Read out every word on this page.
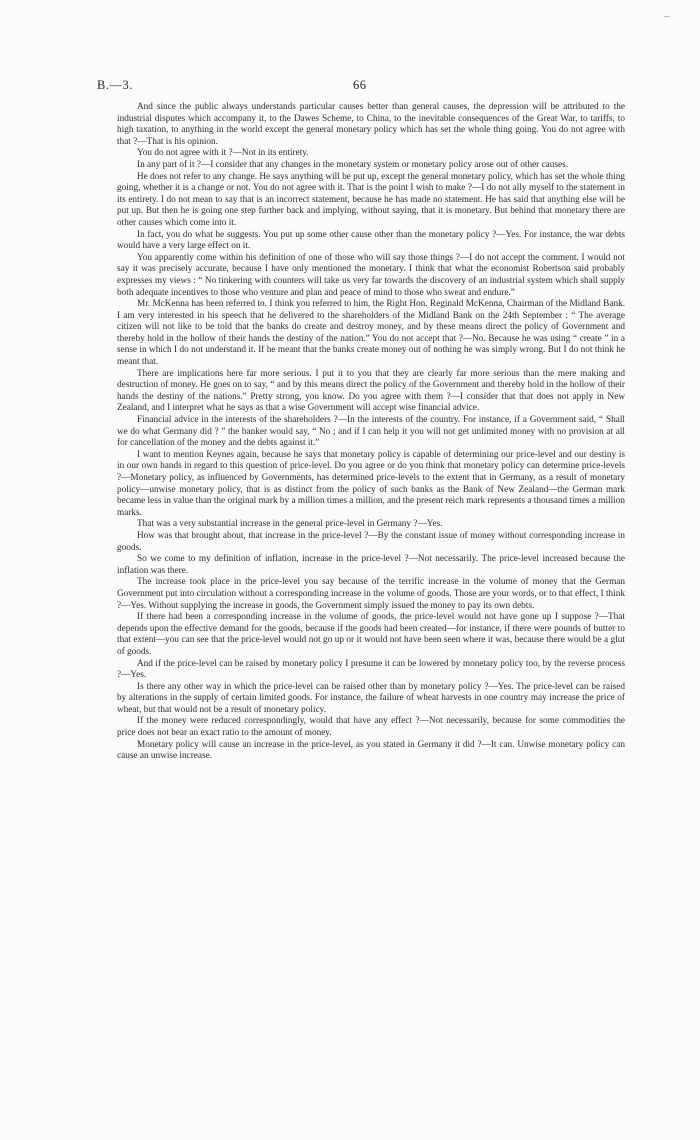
B.—3.	66

And since the public always understands particular causes better than general causes, the depression will be attributed to the industrial disputes which accompany it, to the Dawes Scheme, to China, to the inevitable consequences of the Great War, to tariffs, to high taxation, to anything in the world except the general monetary policy which has set the whole thing going. You do not agree with that ?—That is his opinion.

You do not agree with it ?—Not in its entirety.

In any part of it ?—I consider that any changes in the monetary system or monetary policy arose out of other causes.

He does not refer to any change. He says anything will be put up, except the general monetary policy, which has set the whole thing going, whether it is a change or not. You do not agree with it. That is the point I wish to make ?—I do not ally myself to the statement in its entirety. I do not mean to say that is an incorrect statement, because he has made no statement. He has said that anything else will be put up. But then he is going one step further back and implying, without saying, that it is monetary. But behind that monetary there are other causes which come into it.

In fact, you do what he suggests. You put up some other cause other than the monetary policy ?—Yes. For instance, the war debts would have a very large effect on it.

You apparently come within his definition of one of those who will say those things ?—I do not accept the comment. I would not say it was precisely accurate, because I have only mentioned the monetary. I think that what the economist Robertson said probably expresses my views : “ No tinkering with counters will take us very far towards the discovery of an industrial system which shall supply both adequate incentives to those who venture and plan and peace of mind to those who sweat and endure.”

Mr. McKenna has been referred to. I think you referred to him, the Right Hon. Reginald McKenna, Chairman of the Midland Bank. I am very interested in his speech that he delivered to the shareholders of the Midland Bank on the 24th September : “ The average citizen will not like to be told that the banks do create and destroy money, and by these means direct the policy of Government and thereby hold in the hollow of their hands the destiny of the nation.” You do not accept that ?—No. Because he was using “ create ” in a sense in which I do not understand it. If he meant that the banks create money out of nothing he was simply wrong. But I do not think he meant that.

There are implications here far more serious. I put it to you that they are clearly far more serious than the mere making and destruction of money. He goes on to say, “ and by this means direct the policy of the Government and thereby hold in the hollow of their hands the destiny of the nations.” Pretty strong, you know. Do you agree with them ?—I consider that that does not apply in New Zealand, and I interpret what he says as that a wise Government will accept wise financial advice.

Financial advice in the interests of the shareholders ?—In the interests of the country. For instance, if a Government said, “ Shall we do what Germany did ? ” the banker would say, “ No ; and if I can help it you will not get unlimited money with no provision at all for cancellation of the money and the debts against it.”

I want to mention Keynes again, because he says that monetary policy is capable of determining our price-level and our destiny is in our own hands in regard to this question of price-level. Do you agree or do you think that monetary policy can determine price-levels ?—Monetary policy, as influenced by Governments, has determined price-levels to the extent that in Germany, as a result of monetary policy—unwise monetary policy, that is as distinct from the policy of such banks as the Bank of New Zealand—the German mark became less in value than the original mark by a million times a million, and the present reich mark represents a thousand times a million marks.

That was a very substantial increase in the general price-level in Germany ?—Yes.

How was that brought about, that increase in the price-level ?—By the constant issue of money without corresponding increase in goods.

So we come to my definition of inflation, increase in the price-level ?—Not necessarily. The price-level increased because the inflation was there.

The increase took place in the price-level you say because of the terrific increase in the volume of money that the German Government put into circulation without a corresponding increase in the volume of goods. Those are your words, or to that effect, I think ?—Yes. Without supplying the increase in goods, the Government simply issued the money to pay its own debts.

If there had been a corresponding increase in the volume of goods, the price-level would not have gone up I suppose ?—That depends upon the effective demand for the goods, because if the goods had been created—for instance, if there were pounds of butter to that extent—you can see that the price-level would not go up or it would not have been seen where it was, because there would be a glut of goods.

And if the price-level can be raised by monetary policy I presume it can be lowered by monetary policy too, by the reverse process ?—Yes.

Is there any other way in which the price-level can be raised other than by monetary policy ?—Yes. The price-level can be raised by alterations in the supply of certain limited goods. For instance, the failure of wheat harvests in one country may increase the price of wheat, but that would not be a result of monetary policy.

If the money were reduced correspondingly, would that have any effect ?—Not necessarily, because for some commodities the price does not bear an exact ratio to the amount of money.

Monetary policy will cause an increase in the price-level, as you stated in Germany it did ?—It can. Unwise monetary policy can cause an unwise increase.
